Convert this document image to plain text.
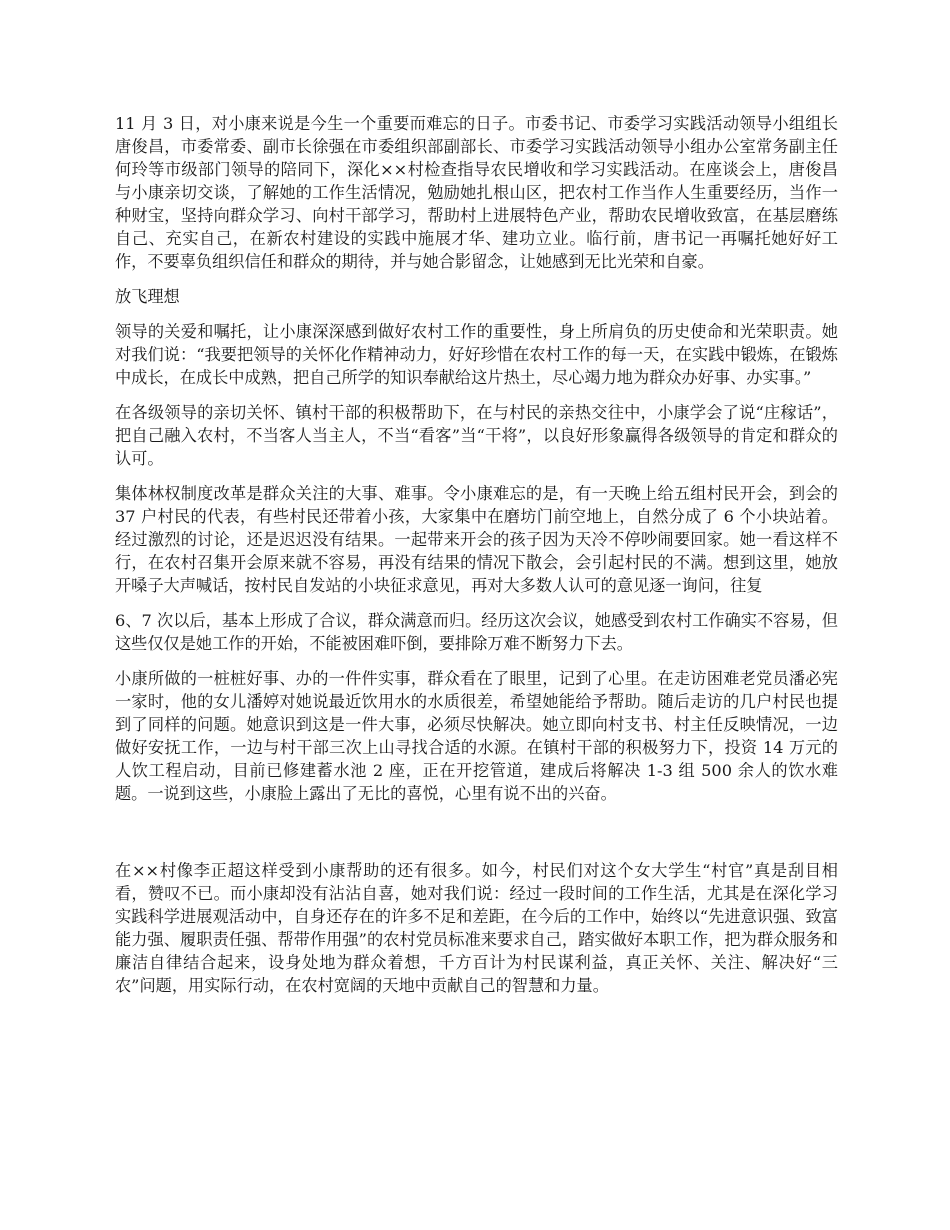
11 月 3 日，对小康来说是今生一个重要而难忘的日子。市委书记、市委学习实践活动领导小组组长唐俊昌，市委常委、副市长徐强在市委组织部副部长、市委学习实践活动领导小组办公室常务副主任何玲等市级部门领导的陪同下，深化××村检查指导农民增收和学习实践活动。在座谈会上，唐俊昌与小康亲切交谈，了解她的工作生活情况，勉励她扎根山区，把农村工作当作人生重要经历，当作一种财宝，坚持向群众学习、向村干部学习，帮助村上进展特色产业，帮助农民增收致富，在基层磨练自己、充实自己，在新农村建设的实践中施展才华、建功立业。临行前，唐书记一再嘱托她好好工作，不要辜负组织信任和群众的期待，并与她合影留念，让她感到无比光荣和自豪。

放飞理想

领导的关爱和嘱托，让小康深深感到做好农村工作的重要性，身上所肩负的历史使命和光荣职责。她对我们说：“我要把领导的关怀化作精神动力，好好珍惜在农村工作的每一天，在实践中锻炼，在锻炼中成长，在成长中成熟，把自己所学的知识奉献给这片热土，尽心竭力地为群众办好事、办实事。”

在各级领导的亲切关怀、镇村干部的积极帮助下，在与村民的亲热交往中，小康学会了说“庄稼话”，把自己融入农村，不当客人当主人，不当“看客”当“干将”，以良好形象赢得各级领导的肯定和群众的认可。

集体林权制度改革是群众关注的大事、难事。令小康难忘的是，有一天晚上给五组村民开会，到会的 37 户村民的代表，有些村民还带着小孩，大家集中在磨坊门前空地上，自然分成了 6 个小块站着。经过激烈的讨论，还是迟迟没有结果。一起带来开会的孩子因为天冷不停吵闹要回家。她一看这样不行，在农村召集开会原来就不容易，再没有结果的情况下散会，会引起村民的不满。想到这里，她放开嗓子大声喊话，按村民自发站的小块征求意见，再对大多数人认可的意见逐一询问，往复

6、7 次以后，基本上形成了合议，群众满意而归。经历这次会议，她感受到农村工作确实不容易，但这些仅仅是她工作的开始，不能被困难吓倒，要排除万难不断努力下去。

小康所做的一桩桩好事、办的一件件实事，群众看在了眼里，记到了心里。在走访困难老党员潘必宪一家时，他的女儿潘婷对她说最近饮用水的水质很差，希望她能给予帮助。随后走访的几户村民也提到了同样的问题。她意识到这是一件大事，必须尽快解决。她立即向村支书、村主任反映情况，一边做好安抚工作，一边与村干部三次上山寻找合适的水源。在镇村干部的积极努力下，投资 14 万元的人饮工程启动，目前已修建蓄水池 2 座，正在开挖管道，建成后将解决 1-3 组 500 余人的饮水难题。一说到这些，小康脸上露出了无比的喜悦，心里有说不出的兴奋。

在××村像李正超这样受到小康帮助的还有很多。如今，村民们对这个女大学生“村官”真是刮目相看，赞叹不已。而小康却没有沾沾自喜，她对我们说：经过一段时间的工作生活，尤其是在深化学习实践科学进展观活动中，自身还存在的许多不足和差距，在今后的工作中，始终以“先进意识强、致富能力强、履职责任强、帮带作用强”的农村党员标准来要求自己，踏实做好本职工作，把为群众服务和廉洁自律结合起来，设身处地为群众着想，千方百计为村民谋利益，真正关怀、关注、解决好“三农”问题，用实际行动，在农村宽阔的天地中贡献自己的智慧和力量。
